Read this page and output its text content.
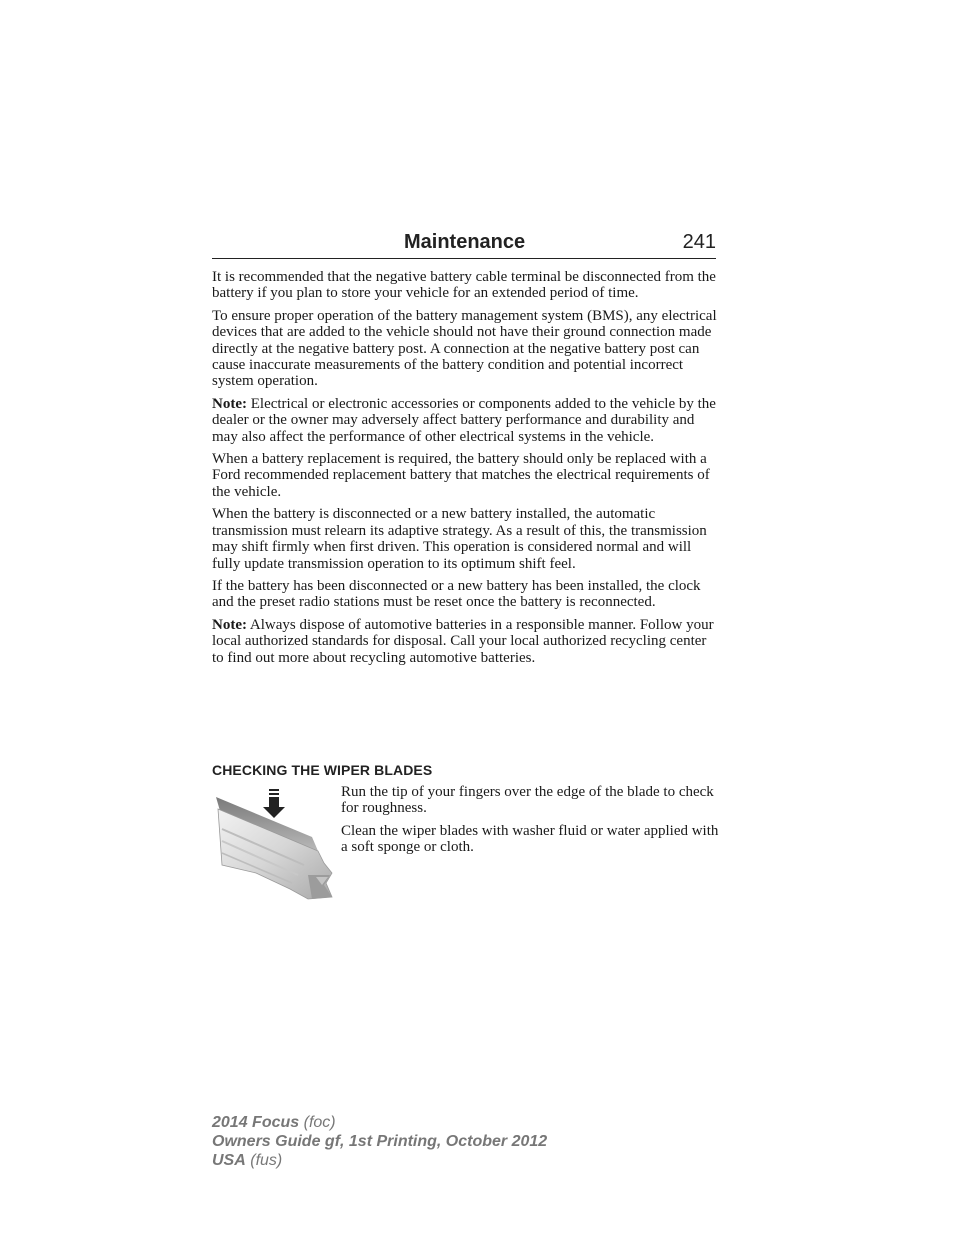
Maintenance	241

It is recommended that the negative battery cable terminal be disconnected from the battery if you plan to store your vehicle for an extended period of time.

To ensure proper operation of the battery management system (BMS), any electrical devices that are added to the vehicle should not have their ground connection made directly at the negative battery post. A connection at the negative battery post can cause inaccurate measurements of the battery condition and potential incorrect system operation.

Note: Electrical or electronic accessories or components added to the vehicle by the dealer or the owner may adversely affect battery performance and durability and may also affect the performance of other electrical systems in the vehicle.

When a battery replacement is required, the battery should only be replaced with a Ford recommended replacement battery that matches the electrical requirements of the vehicle.

When the battery is disconnected or a new battery installed, the automatic transmission must relearn its adaptive strategy. As a result of this, the transmission may shift firmly when first driven. This operation is considered normal and will fully update transmission operation to its optimum shift feel.

If the battery has been disconnected or a new battery has been installed, the clock and the preset radio stations must be reset once the battery is reconnected.

Note: Always dispose of automotive batteries in a responsible manner. Follow your local authorized standards for disposal. Call your local authorized recycling center to find out more about recycling automotive batteries.

CHECKING THE WIPER BLADES

Run the tip of your fingers over the edge of the blade to check for roughness.

Clean the wiper blades with washer fluid or water applied with a soft sponge or cloth.

2014 Focus (foc)
Owners Guide gf, 1st Printing, October 2012
USA (fus)
